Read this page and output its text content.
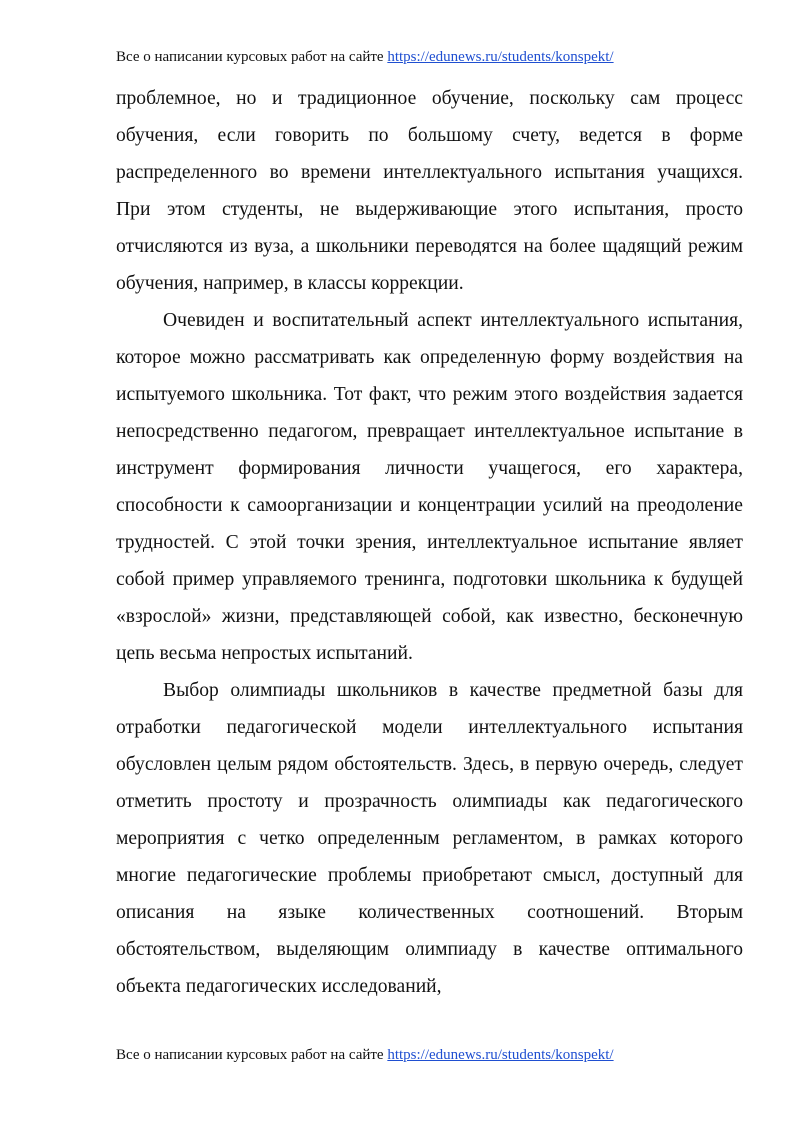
Все о написании курсовых работ на сайте https://edunews.ru/students/konspekt/

проблемное, но и традиционное обучение, поскольку сам процесс обучения, если говорить по большому счету, ведется в форме распределенного во времени интеллектуального испытания учащихся. При этом студенты, не выдерживающие этого испытания, просто отчисляются из вуза, а школьники переводятся на более щадящий режим обучения, например, в классы коррекции.

Очевиден и воспитательный аспект интеллектуального испытания, которое можно рассматривать как определенную форму воздействия на испытуемого школьника. Тот факт, что режим этого воздействия задается непосредственно педагогом, превращает интеллектуальное испытание в инструмент формирования личности учащегося, его характера, способности к самоорганизации и концентрации усилий на преодоление трудностей. С этой точки зрения, интеллектуальное испытание являет собой пример управляемого тренинга, подготовки школьника к будущей «взрослой» жизни, представляющей собой, как известно, бесконечную цепь весьма непростых испытаний.

Выбор олимпиады школьников в качестве предметной базы для отработки педагогической модели интеллектуального испытания обусловлен целым рядом обстоятельств. Здесь, в первую очередь, следует отметить простоту и прозрачность олимпиады как педагогического мероприятия с четко определенным регламентом, в рамках которого многие педагогические проблемы приобретают смысл, доступный для описания на языке количественных соотношений. Вторым обстоятельством, выделяющим олимпиаду в качестве оптимального объекта педагогических исследований,

Все о написании курсовых работ на сайте https://edunews.ru/students/konspekt/
